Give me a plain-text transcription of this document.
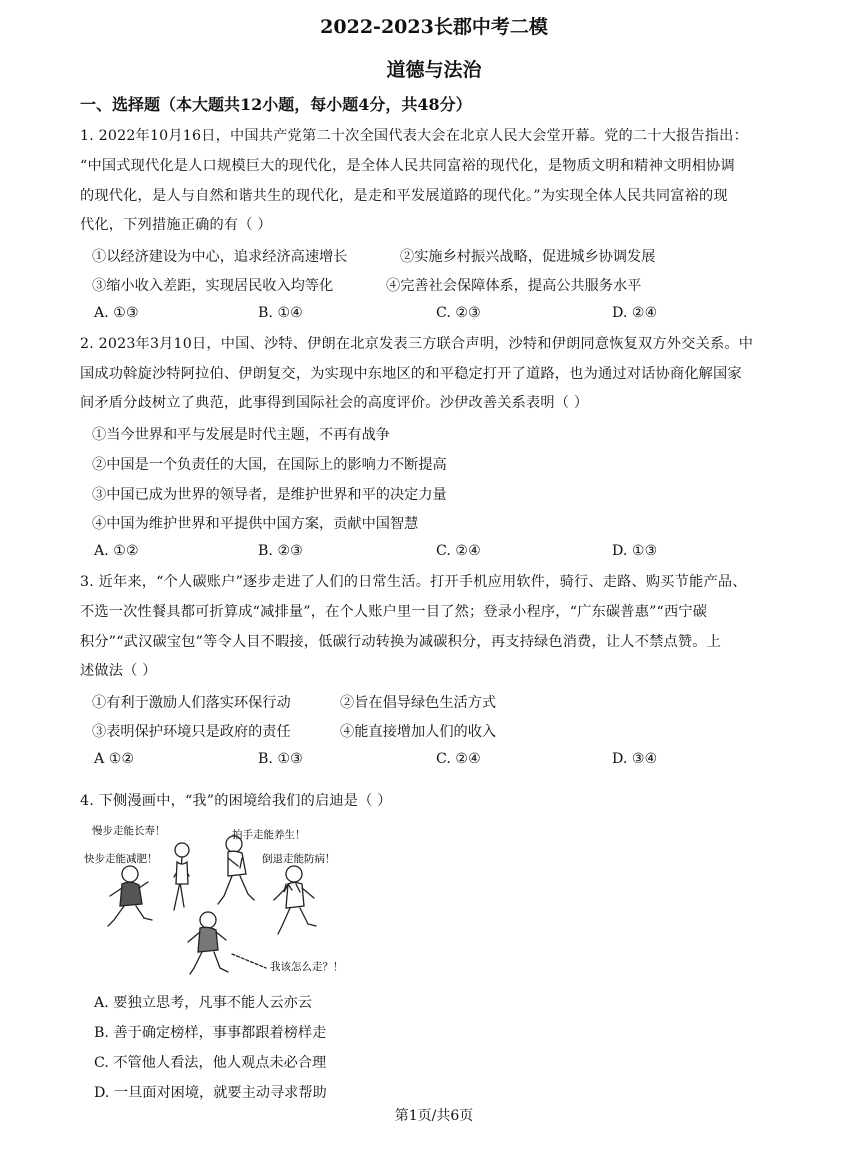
2022-2023长郡中考二模
道德与法治
一、选择题（本大题共12小题，每小题4分，共48分）
1. 2022年10月16日，中国共产党第二十次全国代表大会在北京人民大会堂开幕。党的二十大报告指出：
“中国式现代化是人口规模巨大的现代化，是全体人民共同富裕的现代化，是物质文明和精神文明相协调
的现代化，是人与自然和谐共生的现代化，是走和平发展道路的现代化。”为实现全体人民共同富裕的现
代化，下列措施正确的有（ ）
①以经济建设为中心，追求经济高速增长	②实施乡村振兴战略，促进城乡协调发展
③缩小收入差距，实现居民收入均等化	④完善社会保障体系，提高公共服务水平
A. ①③	B. ①④	C. ②③	D. ②④
2. 2023年3月10日，中国、沙特、伊朗在北京发表三方联合声明，沙特和伊朗同意恢复双方外交关系。中
国成功斡旋沙特阿拉伯、伊朗复交，为实现中东地区的和平稳定打开了道路，也为通过对话协商化解国家
间矛盾分歧树立了典范，此事得到国际社会的高度评价。沙伊改善关系表明（ ）
①当今世界和平与发展是时代主题，不再有战争
②中国是一个负责任的大国，在国际上的影响力不断提高
③中国已成为世界的领导者，是维护世界和平的决定力量
④中国为维护世界和平提供中国方案，贡献中国智慧
A. ①②	B. ②③	C. ②④	D. ①③
3. 近年来，“个人碳账户”逐步走进了人们的日常生活。打开手机应用软件，骑行、走路、购买节能产品、
不选一次性餐具都可折算成“减排量”，在个人账户里一目了然；登录小程序，“广东碳普惠”“西宁碳
积分”“武汉碳宝包”等令人目不暇接，低碳行动转换为减碳积分，再支持绿色消费，让人不禁点赞。上
述做法（ ）
①有利于激励人们落实环保行动	②旨在倡导绿色生活方式
③表明保护环境只是政府的责任	④能直接增加人们的收入
A ①②	B. ①③	C. ②④	D. ③④
4. 下侧漫画中，“我”的困境给我们的启迪是（ ）
慢步走能长寿！
快步走能减肥！
拍手走能养生！
倒退走能防病！
我该怎么走？！
A. 要独立思考，凡事不能人云亦云
B. 善于确定榜样，事事都跟着榜样走
C. 不管他人看法，他人观点未必合理
D. 一旦面对困境，就要主动寻求帮助
第1页/共6页
